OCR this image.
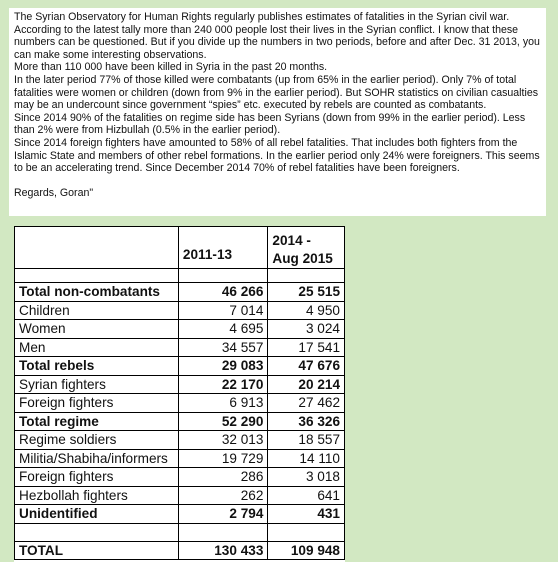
The Syrian Observatory for Human Rights regularly publishes estimates of fatalities in the Syrian civil war. According to the latest tally more than 240 000 people lost their lives in the Syrian conflict. I know that these numbers can be questioned. But if you divide up the numbers in two periods, before and after Dec. 31 2013, you can make some interesting observations.

More than 110 000 have been killed in Syria in the past 20 months.

In the later period 77% of those killed were combatants (up from 65% in the earlier period). Only 7% of total fatalities were women or children (down from 9% in the earlier period). But SOHR statistics on civilian casualties may be an undercount since government “spies” etc. executed by rebels are counted as combatants.

Since 2014 90% of the fatalities on regime side has been Syrians (down from 99% in the earlier period). Less than 2% were from Hizbullah (0.5% in the earlier period).

Since 2014 foreign fighters have amounted to 58% of all rebel fatalities. That includes both fighters from the Islamic State and members of other rebel formations. In the earlier period only 24% were foreigners. This seems to be an accelerating trend. Since December 2014 70% of rebel fatalities have been foreigners.

Regards, Goran"

	2011-13	2014 -
Aug 2015

Total non-combatants	46 266	25 515
Children	7 014	4 950
Women	4 695	3 024
Men	34 557	17 541
Total rebels	29 083	47 676
Syrian fighters	22 170	20 214
Foreign fighters	6 913	27 462
Total regime	52 290	36 326
Regime soldiers	32 013	18 557
Militia/Shabiha/informers	19 729	14 110
Foreign fighters	286	3 018
Hezbollah fighters	262	641
Unidentified	2 794	431

TOTAL	130 433	109 948
